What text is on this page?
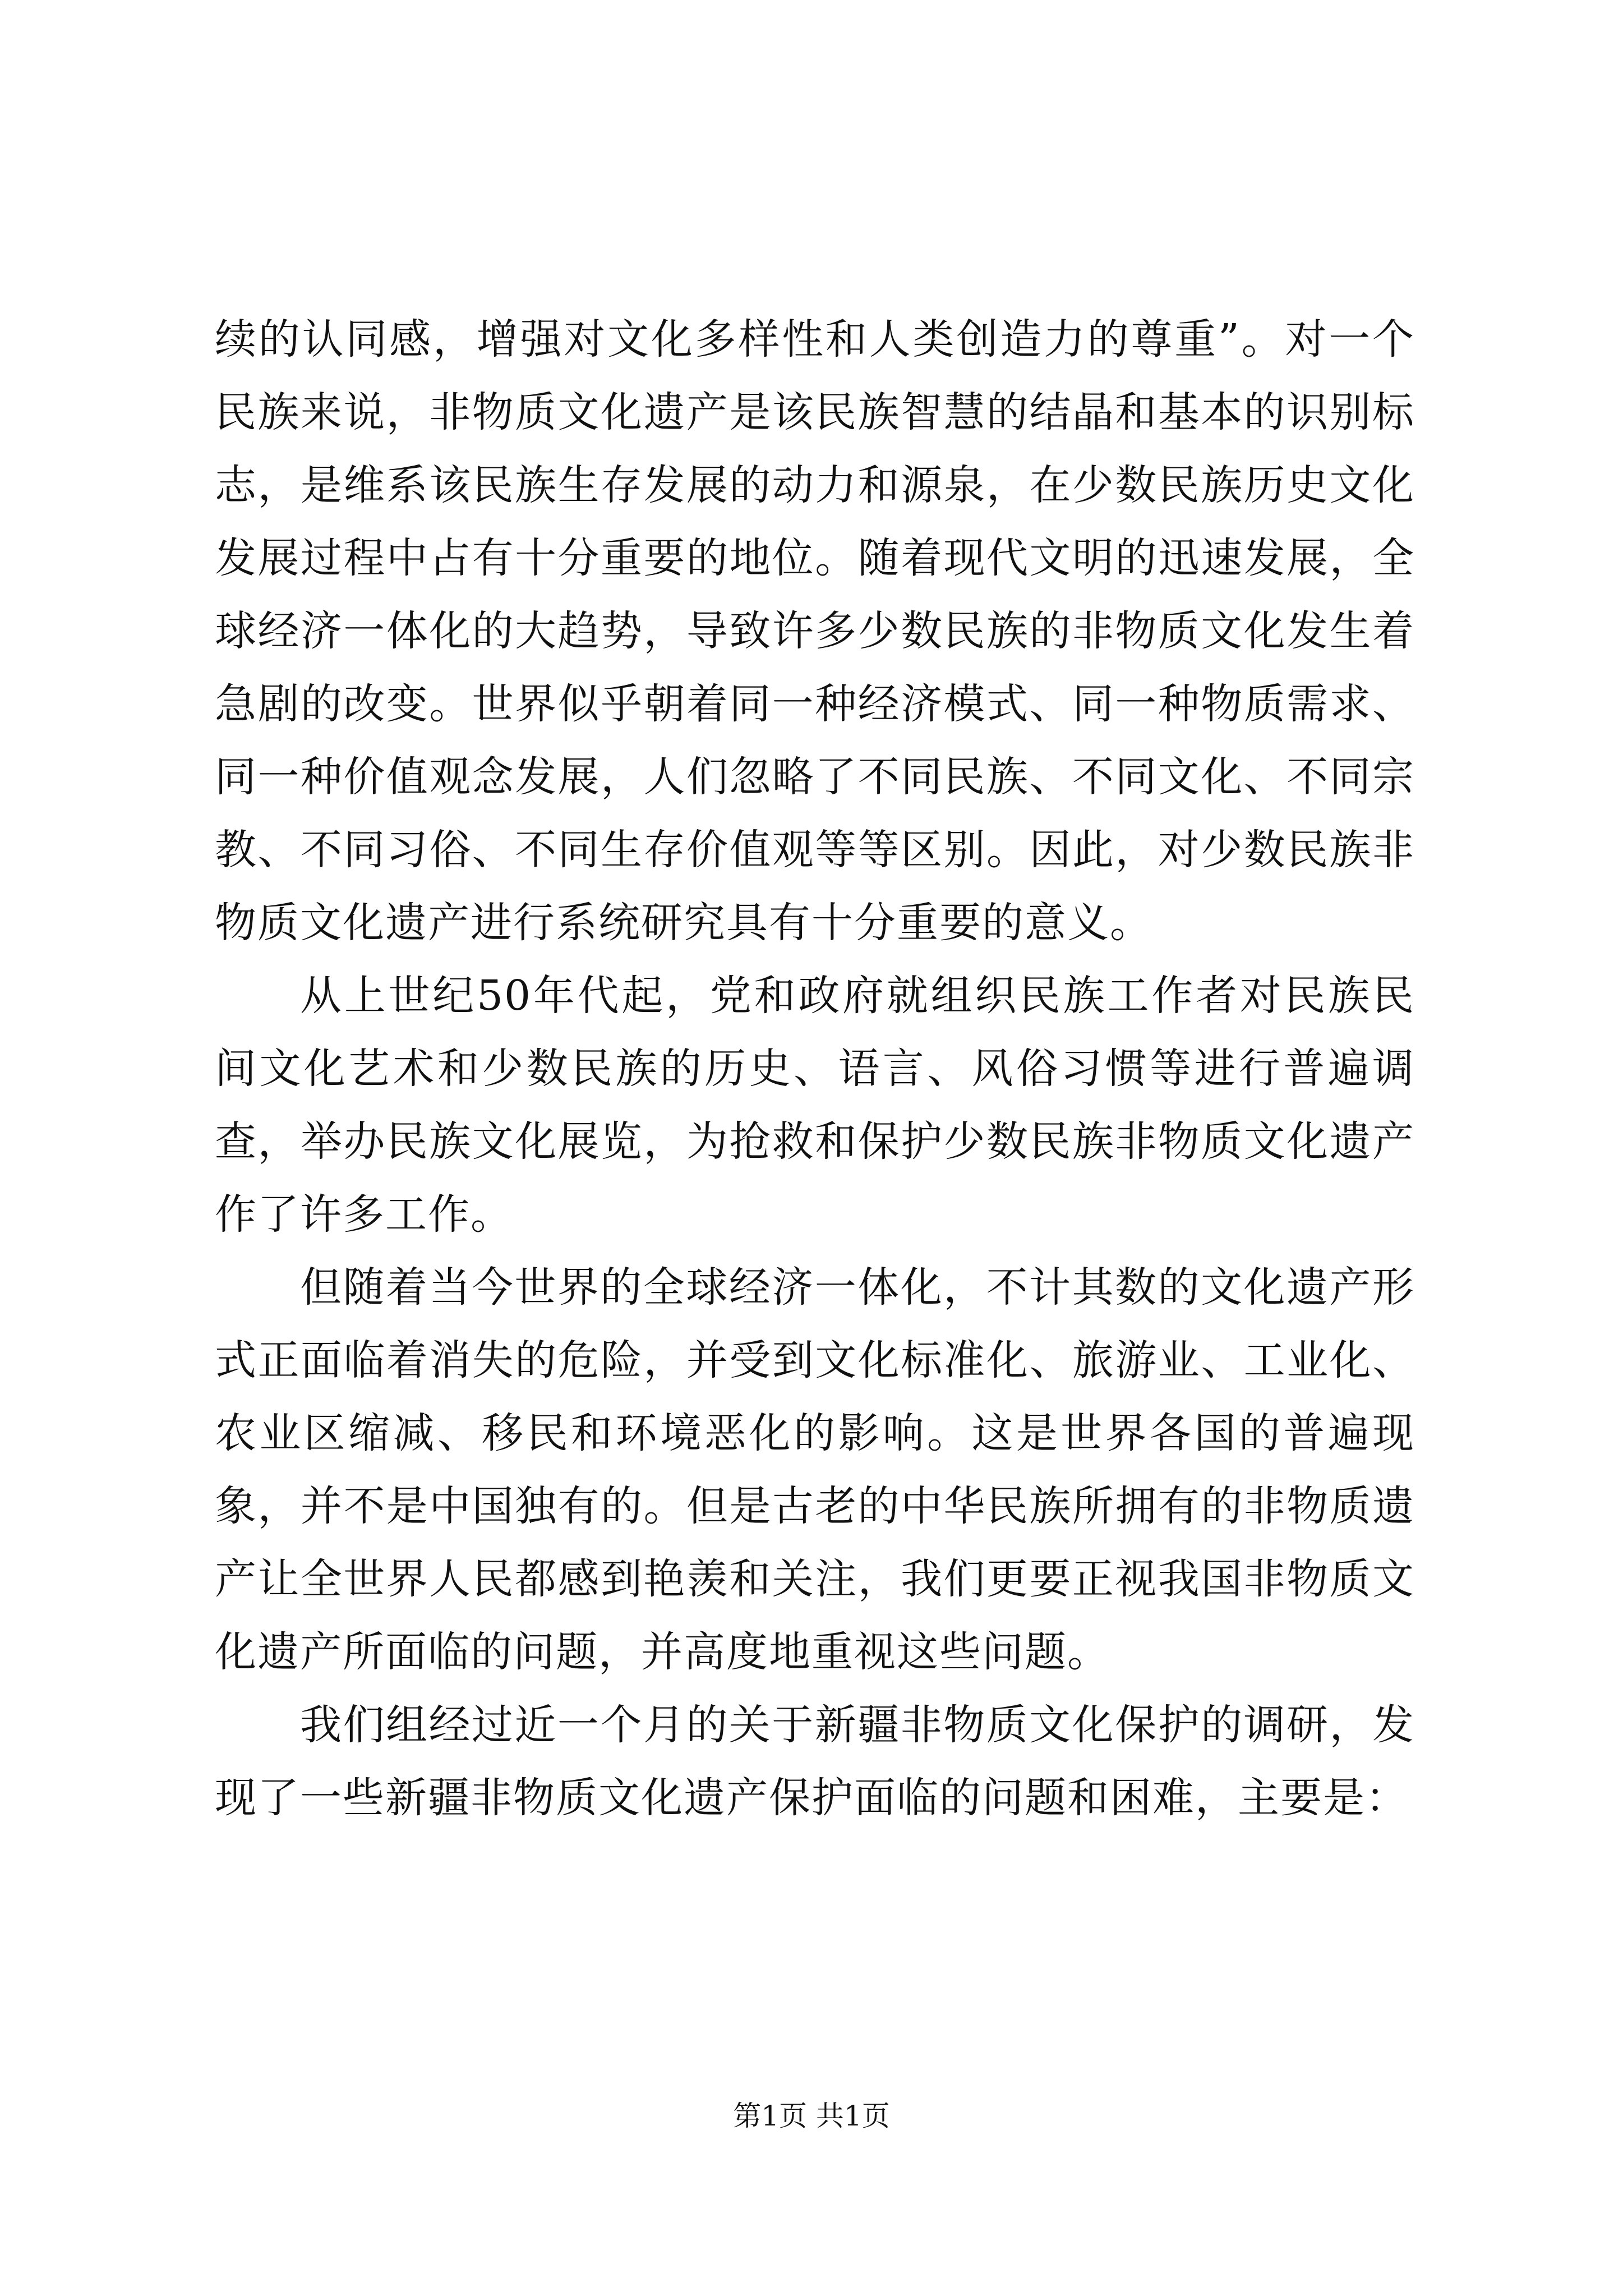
续的认同感，增强对文化多样性和人类创造力的尊重”。对一个民族来说，非物质文化遗产是该民族智慧的结晶和基本的识别标志，是维系该民族生存发展的动力和源泉，在少数民族历史文化发展过程中占有十分重要的地位。随着现代文明的迅速发展，全球经济一体化的大趋势，导致许多少数民族的非物质文化发生着急剧的改变。世界似乎朝着同一种经济模式、同一种物质需求、同一种价值观念发展，人们忽略了不同民族、不同文化、不同宗教、不同习俗、不同生存价值观等等区别。因此，对少数民族非物质文化遗产进行系统研究具有十分重要的意义。

从上世纪50年代起，党和政府就组织民族工作者对民族民间文化艺术和少数民族的历史、语言、风俗习惯等进行普遍调查，举办民族文化展览，为抢救和保护少数民族非物质文化遗产作了许多工作。

但随着当今世界的全球经济一体化，不计其数的文化遗产形式正面临着消失的危险，并受到文化标准化、旅游业、工业化、农业区缩减、移民和环境恶化的影响。这是世界各国的普遍现象，并不是中国独有的。但是古老的中华民族所拥有的非物质遗产让全世界人民都感到艳羡和关注，我们更要正视我国非物质文化遗产所面临的问题，并高度地重视这些问题。

我们组经过近一个月的关于新疆非物质文化保护的调研，发现了一些新疆非物质文化遗产保护面临的问题和困难，主要是：

第1页 共1页
